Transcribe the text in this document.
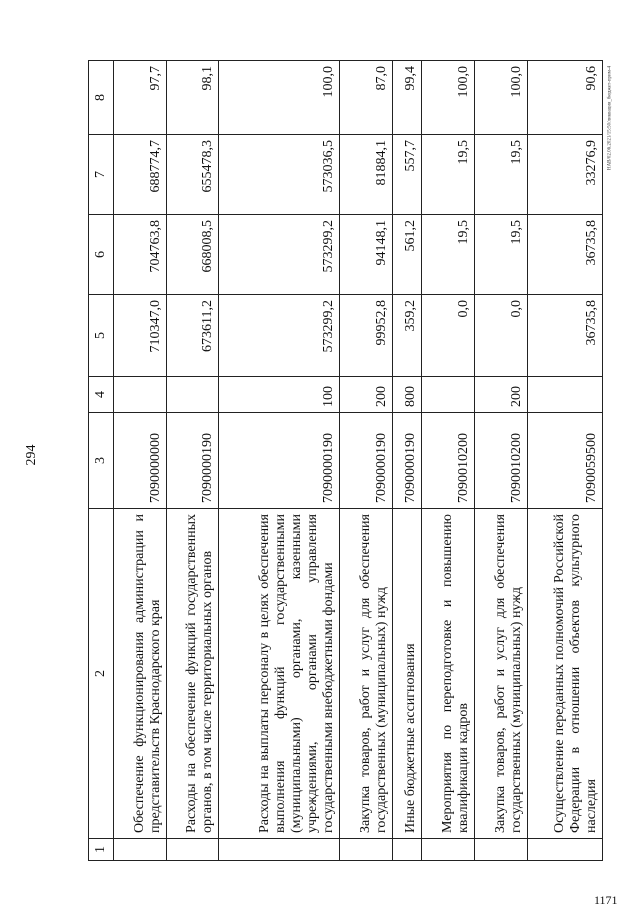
294
1	2	3	4	5	6	7	8
	Обеспечение функционирования администрации и представительств Краснодарского края	7090000000		710347,0	704763,8	688774,7	97,7
	Расходы на обеспечение функций государственных органов, в том числе территориальных органов	7090000190		673611,2	668008,5	655478,3	98,1
	Расходы на выплаты персоналу в целях обеспечения выполнения функций государственными (муниципальными) органами, казенными учреждениями, органами управления государственными внебюджетными фондами	7090000190	100	573299,2	573299,2	573036,5	100,0
	Закупка товаров, работ и услуг для обеспечения государственных (муниципальных) нужд	7090000190	200	99952,8	94148,1	81884,1	87,0
	Иные бюджетные ассигнования	7090000190	800	359,2	561,2	557,7	99,4
	Мероприятия по переподготовке и повышению квалификации кадров	7090010200		0,0	19,5	19,5	100,0
	Закупка товаров, работ и услуг для обеспечения государственных (муниципальных) нужд	7090010200	200	0,0	19,5	19,5	100,0
	Осуществление переданных полномочий Российской Федерации в отношении объектов культурного наследия	7090059500		36735,8	36735,8	33276,9	90,6 НАВ/02.06.2021/15:50/ликвация_бюджет-прим-4
1171
